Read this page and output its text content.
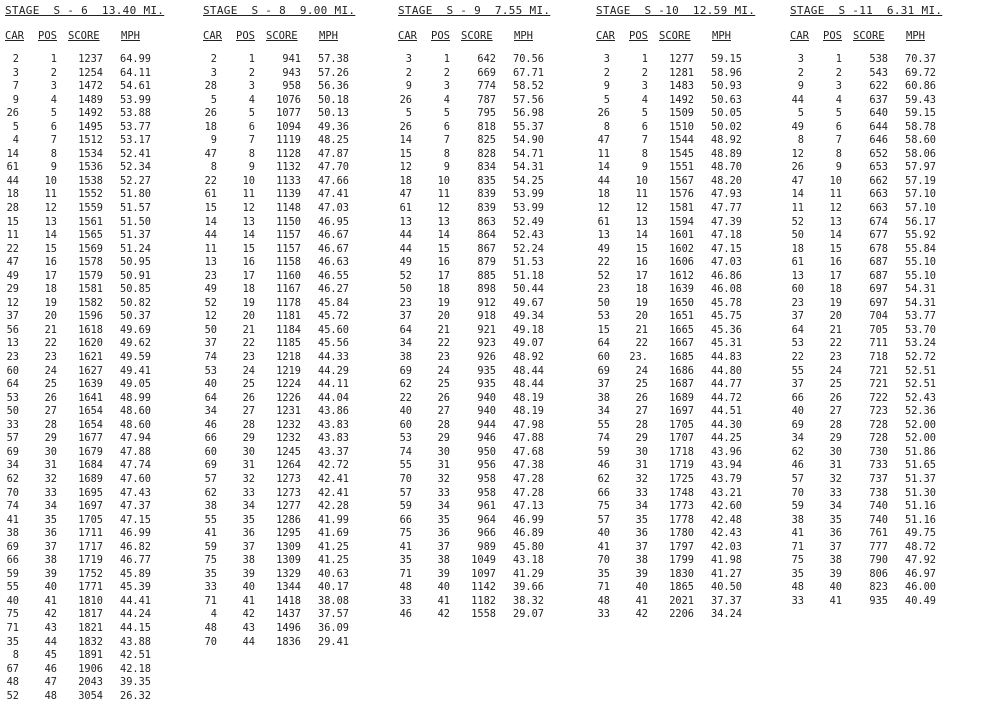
STAGE  S - 6  13.40 MI.
CAR POS SCORE MPH
2	1	1237	64.99
3	2	1254	64.11
7	3	1472	54.61
9	4	1489	53.99
26	5	1492	53.88
5	6	1495	53.77
4	7	1512	53.17
14	8	1534	52.41
61	9	1536	52.34
44	10	1538	52.27
18	11	1552	51.80
28	12	1559	51.57
15	13	1561	51.50
11	14	1565	51.37
22	15	1569	51.24
47	16	1578	50.95
49	17	1579	50.91
29	18	1581	50.85
12	19	1582	50.82
37	20	1596	50.37
56	21	1618	49.69
13	22	1620	49.62
23	23	1621	49.59
60	24	1627	49.41
64	25	1639	49.05
53	26	1641	48.99
50	27	1654	48.60
33	28	1654	48.60
57	29	1677	47.94
69	30	1679	47.88
34	31	1684	47.74
62	32	1689	47.60
70	33	1695	47.43
74	34	1697	47.37
41	35	1705	47.15
38	36	1711	46.99
69	37	1717	46.82
66	38	1719	46.77
59	39	1752	45.89
55	40	1771	45.39
40	41	1810	44.41
75	42	1817	44.24
71	43	1821	44.15
35	44	1832	43.88
8	45	1891	42.51
67	46	1906	42.18
48	47	2043	39.35
52	48	3054	26.32
STAGE  S - 8  9.00 MI.
CAR POS SCORE MPH
2	1	941	57.38
3	2	943	57.26
28	3	958	56.36
5	4	1076	50.18
26	5	1077	50.13
18	6	1094	49.36
9	7	1119	48.25
47	8	1128	47.87
8	9	1132	47.70
22	10	1133	47.66
61	11	1139	47.41
15	12	1148	47.03
14	13	1150	46.95
44	14	1157	46.67
11	15	1157	46.67
13	16	1158	46.63
23	17	1160	46.55
49	18	1167	46.27
52	19	1178	45.84
12	20	1181	45.72
50	21	1184	45.60
37	22	1185	45.56
74	23	1218	44.33
53	24	1219	44.29
40	25	1224	44.11
64	26	1226	44.04
34	27	1231	43.86
46	28	1232	43.83
66	29	1232	43.83
60	30	1245	43.37
69	31	1264	42.72
57	32	1273	42.41
62	33	1273	42.41
38	34	1277	42.28
55	35	1286	41.99
41	36	1295	41.69
59	37	1309	41.25
75	38	1309	41.25
35	39	1329	40.63
33	40	1344	40.17
71	41	1418	38.08
4	42	1437	37.57
48	43	1496	36.09
70	44	1836	29.41
STAGE  S - 9  7.55 MI.
CAR POS SCORE MPH
3	1	642	70.56
2	2	669	67.71
9	3	774	58.52
26	4	787	57.56
5	5	795	56.98
26	6	818	55.37
14	7	825	54.90
15	8	828	54.71
12	9	834	54.31
18	10	835	54.25
47	11	839	53.99
61	12	839	53.99
13	13	863	52.49
44	14	864	52.43
44	15	867	52.24
49	16	879	51.53
52	17	885	51.18
50	18	898	50.44
23	19	912	49.67
37	20	918	49.34
64	21	921	49.18
34	22	923	49.07
38	23	926	48.92
69	24	935	48.44
62	25	935	48.44
22	26	940	48.19
40	27	940	48.19
60	28	944	47.98
53	29	946	47.88
74	30	950	47.68
55	31	956	47.38
70	32	958	47.28
57	33	958	47.28
59	34	961	47.13
66	35	964	46.99
75	36	966	46.89
41	37	989	45.80
35	38	1049	43.18
71	39	1097	41.29
48	40	1142	39.66
33	41	1182	38.32
46	42	1558	29.07
STAGE  S -10  12.59 MI.
CAR POS SCORE MPH
3	1	1277	59.15
2	2	1281	58.96
9	3	1483	50.93
5	4	1492	50.63
26	5	1509	50.05
8	6	1510	50.02
47	7	1544	48.92
11	8	1545	48.89
14	9	1551	48.70
44	10	1567	48.20
18	11	1576	47.93
12	12	1581	47.77
61	13	1594	47.39
13	14	1601	47.18
49	15	1602	47.15
22	16	1606	47.03
52	17	1612	46.86
23	18	1639	46.08
50	19	1650	45.78
53	20	1651	45.75
15	21	1665	45.36
64	22	1667	45.31
60	23.	1685	44.83
69	24	1686	44.80
37	25	1687	44.77
38	26	1689	44.72
34	27	1697	44.51
55	28	1705	44.30
74	29	1707	44.25
59	30	1718	43.96
46	31	1719	43.94
62	32	1725	43.79
66	33	1748	43.21
75	34	1773	42.60
57	35	1778	42.48
40	36	1780	42.43
41	37	1797	42.03
70	38	1799	41.98
35	39	1830	41.27
71	40	1865	40.50
48	41	2021	37.37
33	42	2206	34.24
STAGE  S -11  6.31 MI.
CAR POS SCORE MPH
3	1	538	70.37
2	2	543	69.72
9	3	622	60.86
44	4	637	59.43
5	5	640	59.15
49	6	644	58.78
8	7	646	58.60
12	8	652	58.06
26	9	653	57.97
47	10	662	57.19
14	11	663	57.10
11	12	663	57.10
52	13	674	56.17
50	14	677	55.92
18	15	678	55.84
61	16	687	55.10
13	17	687	55.10
60	18	697	54.31
23	19	697	54.31
37	20	704	53.77
64	21	705	53.70
53	22	711	53.24
22	23	718	52.72
55	24	721	52.51
37	25	721	52.51
66	26	722	52.43
40	27	723	52.36
69	28	728	52.00
34	29	728	52.00
62	30	730	51.86
46	31	733	51.65
57	32	737	51.37
70	33	738	51.30
59	34	740	51.16
38	35	740	51.16
41	36	761	49.75
71	37	777	48.72
75	38	790	47.92
35	39	806	46.97
48	40	823	46.00
33	41	935	40.49
